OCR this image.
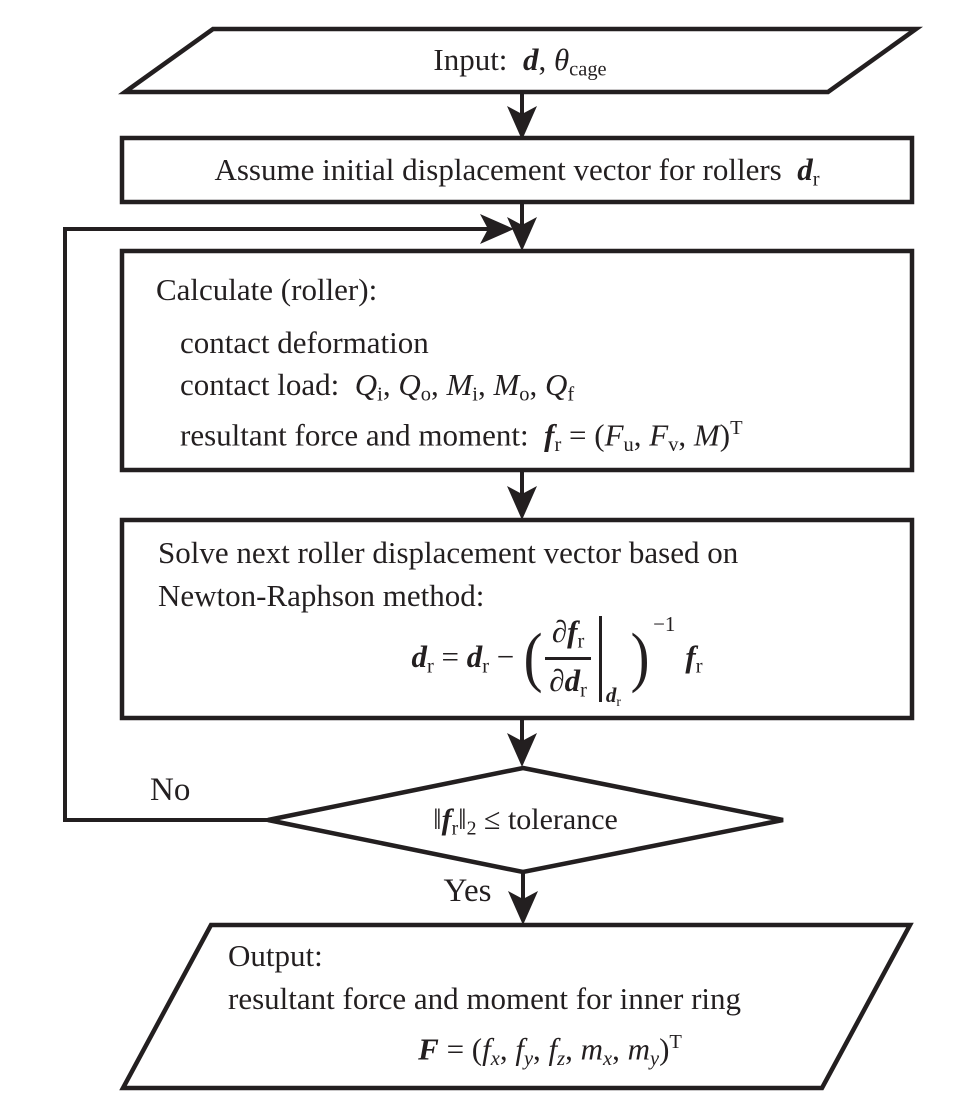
Input:  d, θcage
Assume initial displacement vector for rollers  dr
Calculate (roller):
contact deformation
contact load:  Qi, Qo, Mi, Mo, Qf
resultant force and moment:  fr = (Fu, Fv, M)$^T$
Solve next roller displacement vector based on
Newton-Raphson method:
dr = dr − ( $\frac{\partial fr}{\partial dr}$ dr
) −1
fr
‖fr‖2 ≤ tolerance
No
Yes
Output:
resultant force and moment for inner ring
F = (fx, fy, fz, mx, my)$^T$
